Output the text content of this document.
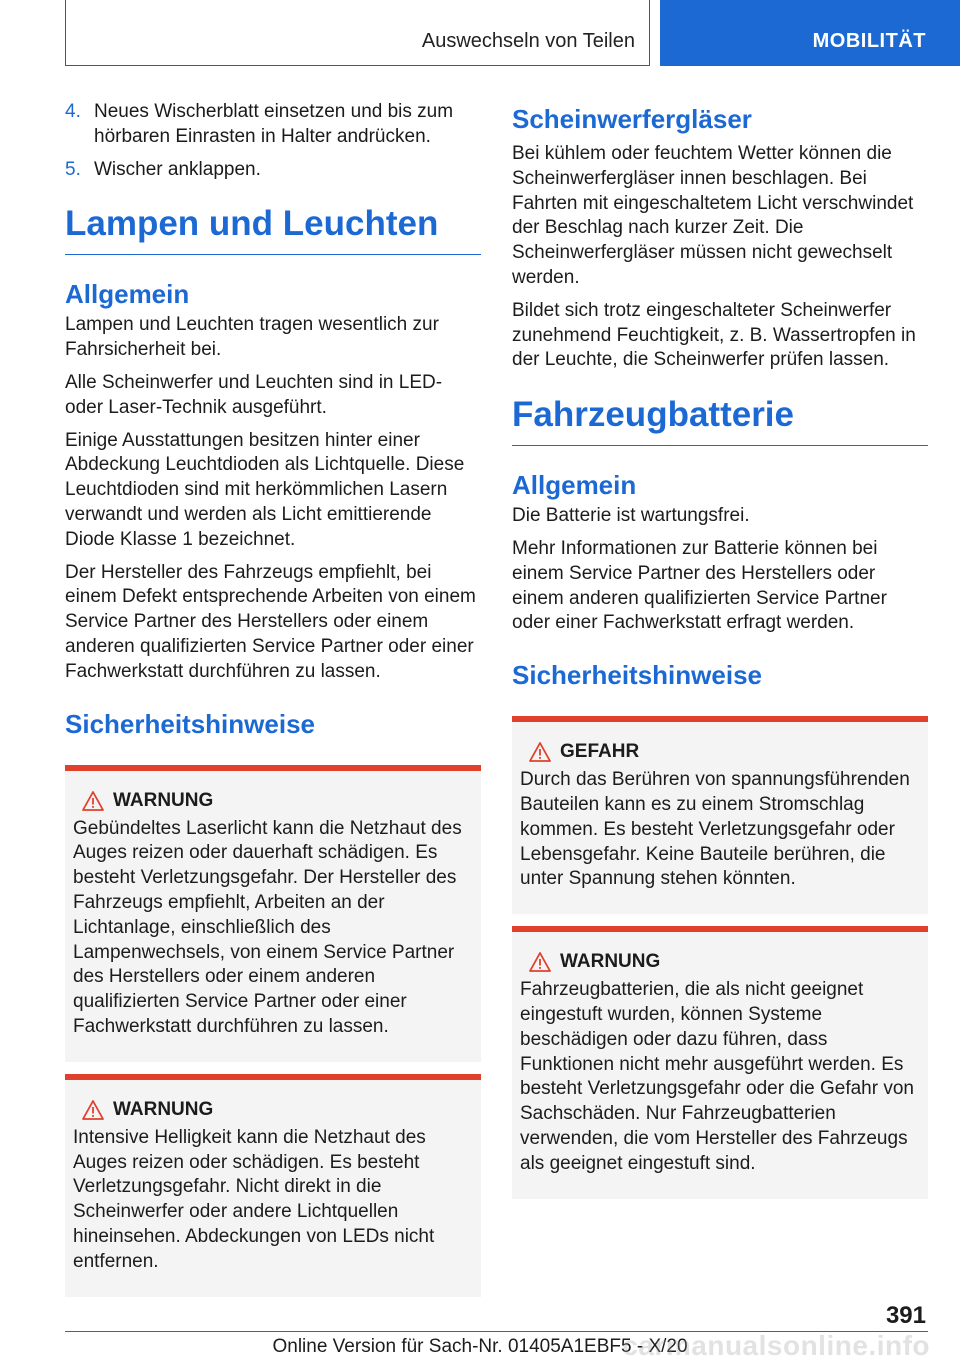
Auswechseln von Teilen	MOBILITÄT
4. Neues Wischerblatt einsetzen und bis zum hörbaren Einrasten in Halter andrücken.
5. Wischer anklappen.
Lampen und Leuchten
Allgemein

Lampen und Leuchten tragen wesentlich zur Fahrsicherheit bei.

Alle Scheinwerfer und Leuchten sind in LED- oder Laser-Technik ausgeführt.

Einige Ausstattungen besitzen hinter einer Abdeckung Leuchtdioden als Lichtquelle. Diese Leuchtdioden sind mit herkömmlichen Lasern verwandt und werden als Licht emittierende Diode Klasse 1 bezeichnet.

Der Hersteller des Fahrzeugs empfiehlt, bei einem Defekt entsprechende Arbeiten von einem Service Partner des Herstellers oder einem anderen qualifizierten Service Partner oder einer Fachwerkstatt durchführen zu lassen.

Sicherheitshinweise
WARNUNG

Gebündeltes Laserlicht kann die Netzhaut des Auges reizen oder dauerhaft schädigen. Es besteht Verletzungsgefahr. Der Hersteller des Fahrzeugs empfiehlt, Arbeiten an der Lichtanlage, einschließlich des Lampenwechsels, von einem Service Partner des Herstellers oder einem anderen qualifizierten Service Partner oder einer Fachwerkstatt durchführen zu lassen.

WARNUNG

Intensive Helligkeit kann die Netzhaut des Auges reizen oder schädigen. Es besteht Verletzungsgefahr. Nicht direkt in die Scheinwerfer oder andere Lichtquellen hineinsehen. Abdeckungen von LEDs nicht entfernen.

Scheinwerfergläser

Bei kühlem oder feuchtem Wetter können die Scheinwerfergläser innen beschlagen. Bei Fahrten mit eingeschaltetem Licht verschwindet der Beschlag nach kurzer Zeit. Die Scheinwerfergläser müssen nicht gewechselt werden.

Bildet sich trotz eingeschalteter Scheinwerfer zunehmend Feuchtigkeit, z. B. Wassertropfen in der Leuchte, die Scheinwerfer prüfen lassen.

Fahrzeugbatterie
Allgemein

Die Batterie ist wartungsfrei.

Mehr Informationen zur Batterie können bei einem Service Partner des Herstellers oder einem anderen qualifizierten Service Partner oder einer Fachwerkstatt erfragt werden.

Sicherheitshinweise
GEFAHR

Durch das Berühren von spannungsführenden Bauteilen kann es zu einem Stromschlag kommen. Es besteht Verletzungsgefahr oder Lebensgefahr. Keine Bauteile berühren, die unter Spannung stehen könnten.

WARNUNG

Fahrzeugbatterien, die als nicht geeignet eingestuft wurden, können Systeme beschädigen oder dazu führen, dass Funktionen nicht mehr ausgeführt werden. Es besteht Verletzungsgefahr oder die Gefahr von Sachschäden. Nur Fahrzeugbatterien verwenden, die vom Hersteller des Fahrzeugs als geeignet eingestuft sind.

391
Online Version für Sach-Nr. 01405A1EBF5 - X/20
carmanualsonline.info
